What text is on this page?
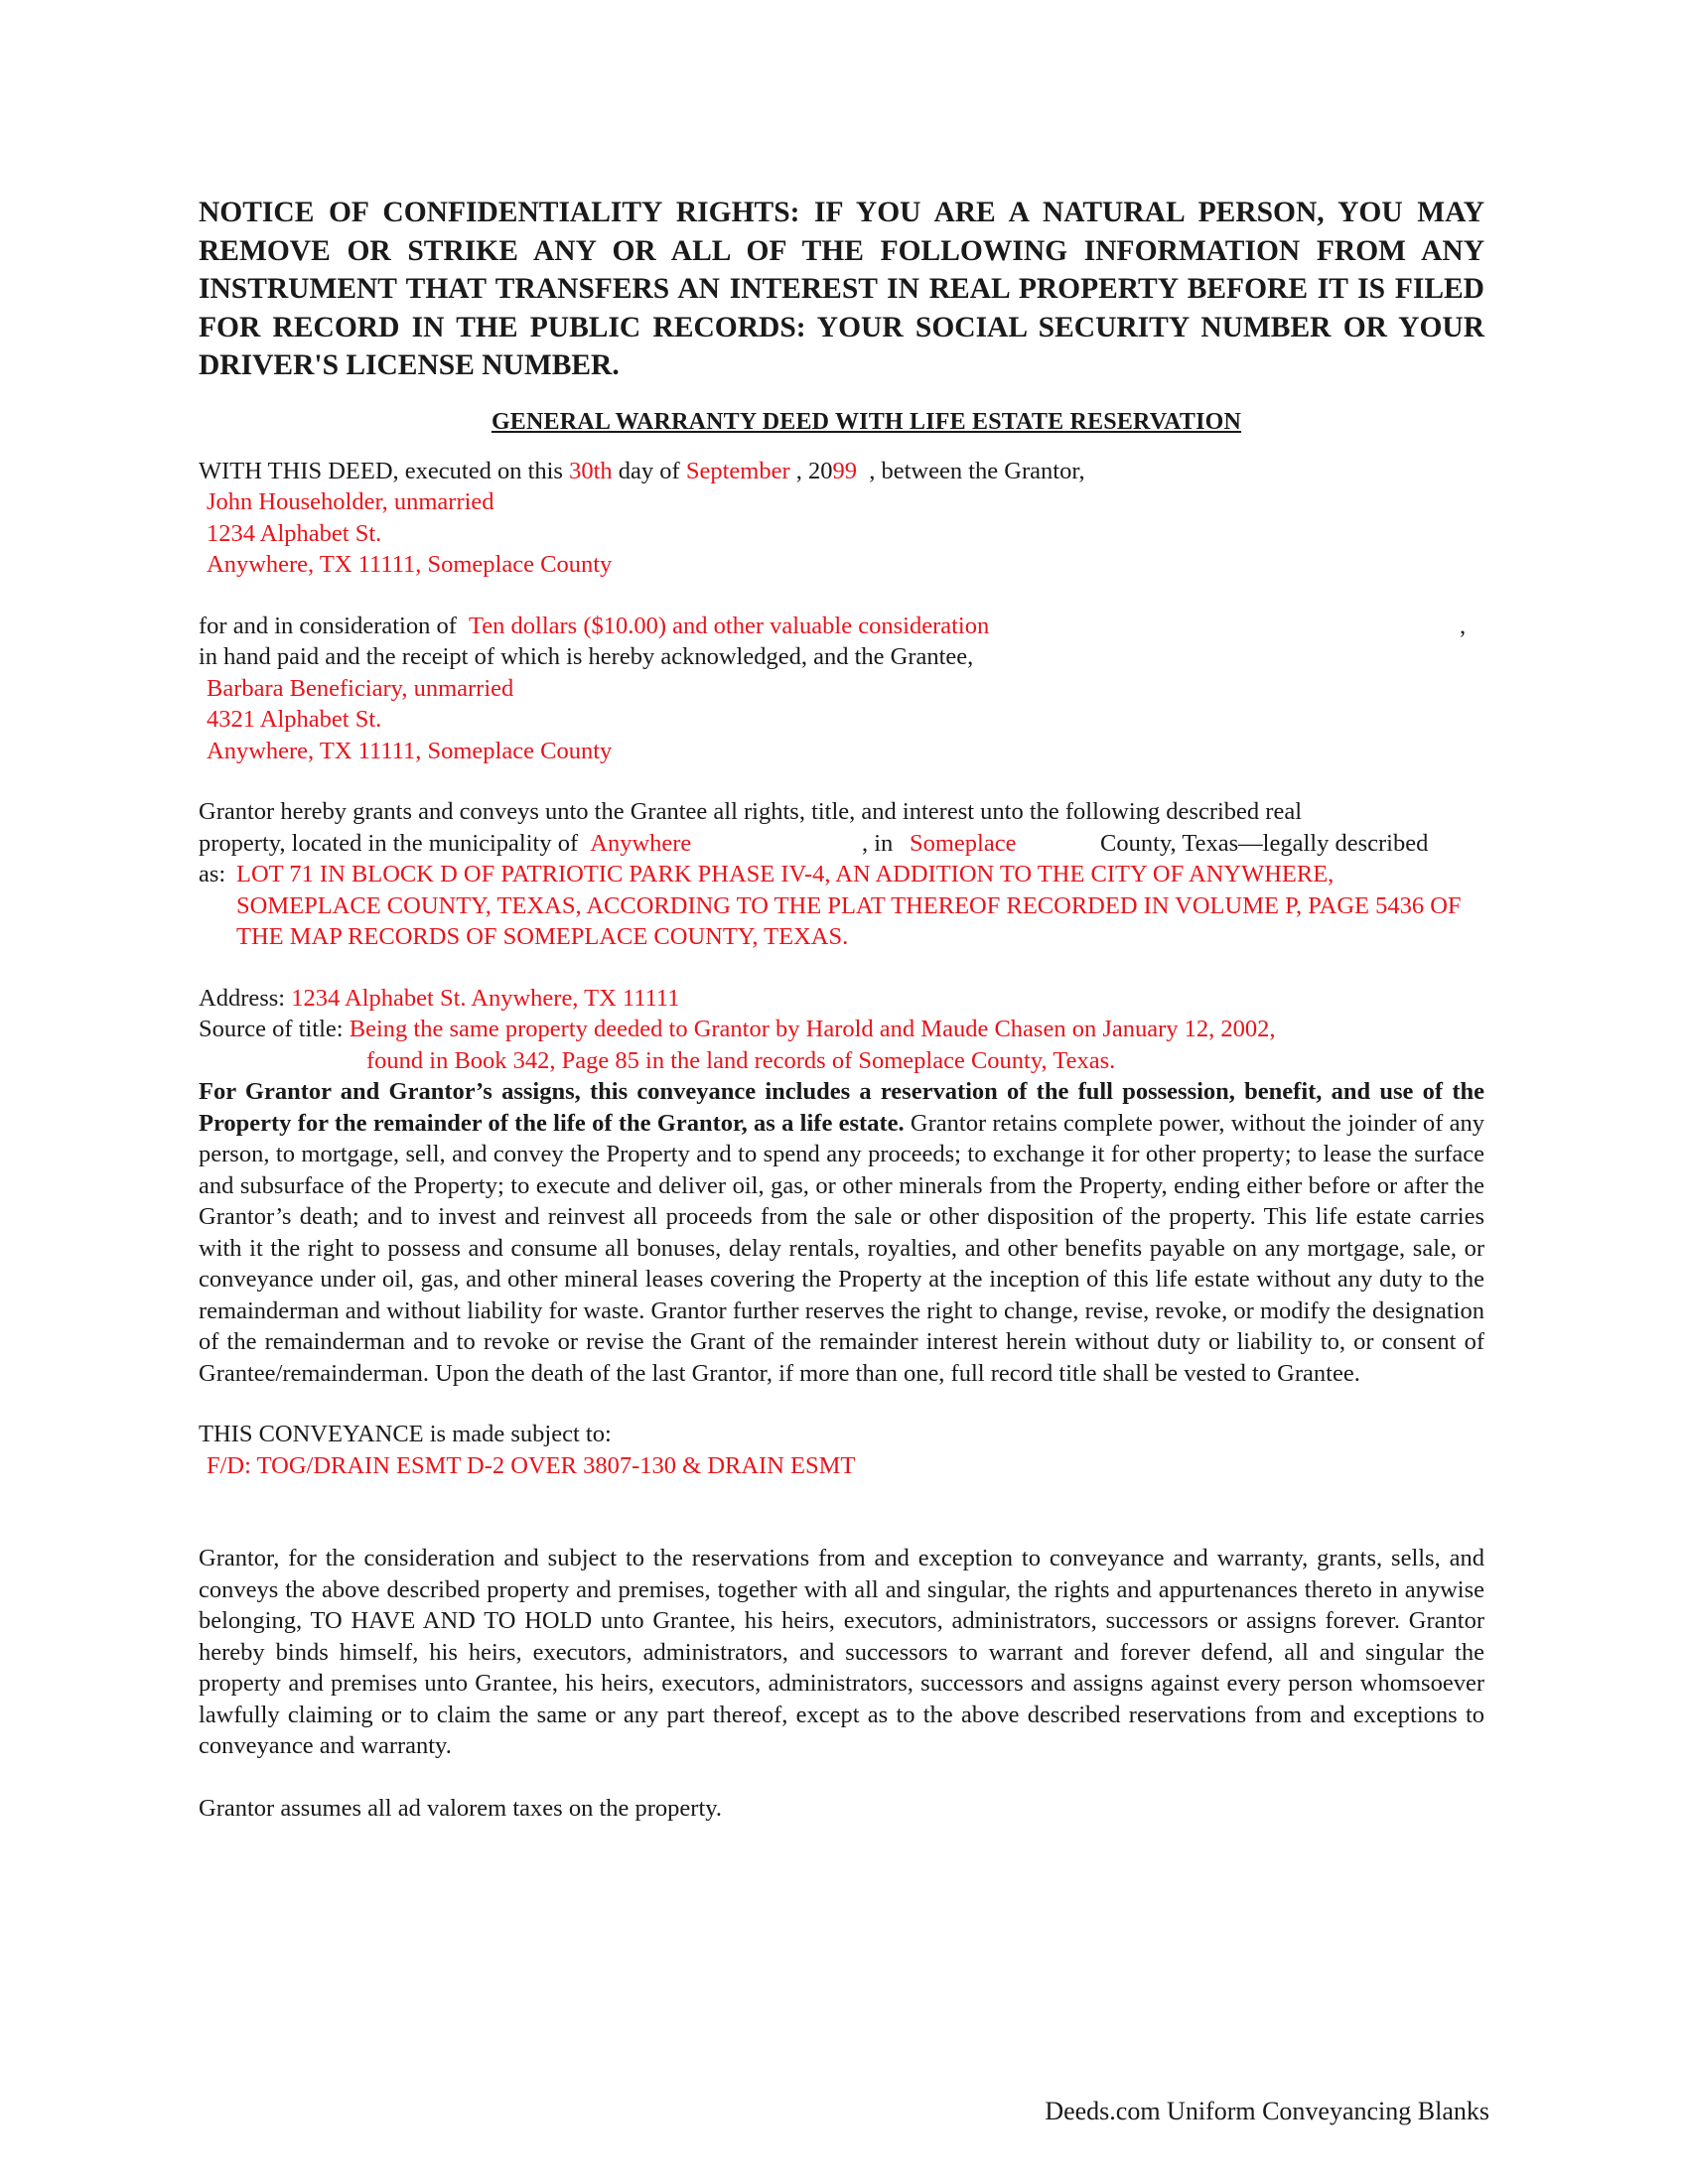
NOTICE OF CONFIDENTIALITY RIGHTS: IF YOU ARE A NATURAL PERSON, YOU MAY REMOVE OR STRIKE ANY OR ALL OF THE FOLLOWING INFORMATION FROM ANY INSTRUMENT THAT TRANSFERS AN INTEREST IN REAL PROPERTY BEFORE IT IS FILED FOR RECORD IN THE PUBLIC RECORDS: YOUR SOCIAL SECURITY NUMBER OR YOUR DRIVER'S LICENSE NUMBER.

GENERAL WARRANTY DEED WITH LIFE ESTATE RESERVATION
WITH THIS DEED, executed on this 30th day of September , 2099 , between the Grantor,
John Householder, unmarried
1234 Alphabet St.
Anywhere, TX 11111, Someplace County
for and in consideration of Ten dollars ($10.00) and other valuable consideration	,
in hand paid and the receipt of which is hereby acknowledged, and the Grantee,
Barbara Beneficiary, unmarried
4321 Alphabet St.
Anywhere, TX 11111, Someplace County
Grantor hereby grants and conveys unto the Grantee all rights, title, and interest unto the following described real
property, located in the municipality of Anywhere	, in Someplace	County, Texas—legally described
as: LOT 71 IN BLOCK D OF PATRIOTIC PARK PHASE IV-4, AN ADDITION TO THE CITY OF ANYWHERE, SOMEPLACE COUNTY, TEXAS, ACCORDING TO THE PLAT THEREOF RECORDED IN VOLUME P, PAGE 5436 OF THE MAP RECORDS OF SOMEPLACE COUNTY, TEXAS.

Address: 1234 Alphabet St. Anywhere, TX 11111
Source of title: Being the same property deeded to Grantor by Harold and Maude Chasen on January 12, 2002,
found in Book 342, Page 85 in the land records of Someplace County, Texas.

For Grantor and Grantor’s assigns, this conveyance includes a reservation of the full possession, benefit, and use of the Property for the remainder of the life of the Grantor, as a life estate. Grantor retains complete power, without the joinder of any person, to mortgage, sell, and convey the Property and to spend any proceeds; to exchange it for other property; to lease the surface and subsurface of the Property; to execute and deliver oil, gas, or other minerals from the Property, ending either before or after the Grantor’s death; and to invest and reinvest all proceeds from the sale or other disposition of the property. This life estate carries with it the right to possess and consume all bonuses, delay rentals, royalties, and other benefits payable on any mortgage, sale, or conveyance under oil, gas, and other mineral leases covering the Property at the inception of this life estate without any duty to the remainderman and without liability for waste. Grantor further reserves the right to change, revise, revoke, or modify the designation of the remainderman and to revoke or revise the Grant of the remainder interest herein without duty or liability to, or consent of Grantee/remainderman. Upon the death of the last Grantor, if more than one, full record title shall be vested to Grantee.

THIS CONVEYANCE is made subject to:
F/D: TOG/DRAIN ESMT D-2 OVER 3807-130 & DRAIN ESMT

Grantor, for the consideration and subject to the reservations from and exception to conveyance and warranty, grants, sells, and conveys the above described property and premises, together with all and singular, the rights and appurtenances thereto in anywise belonging, TO HAVE AND TO HOLD unto Grantee, his heirs, executors, administrators, successors or assigns forever. Grantor hereby binds himself, his heirs, executors, administrators, and successors to warrant and forever defend, all and singular the property and premises unto Grantee, his heirs, executors, administrators, successors and assigns against every person whomsoever lawfully claiming or to claim the same or any part thereof, except as to the above described reservations from and exceptions to conveyance and warranty.

Grantor assumes all ad valorem taxes on the property.

Deeds.com Uniform Conveyancing Blanks
